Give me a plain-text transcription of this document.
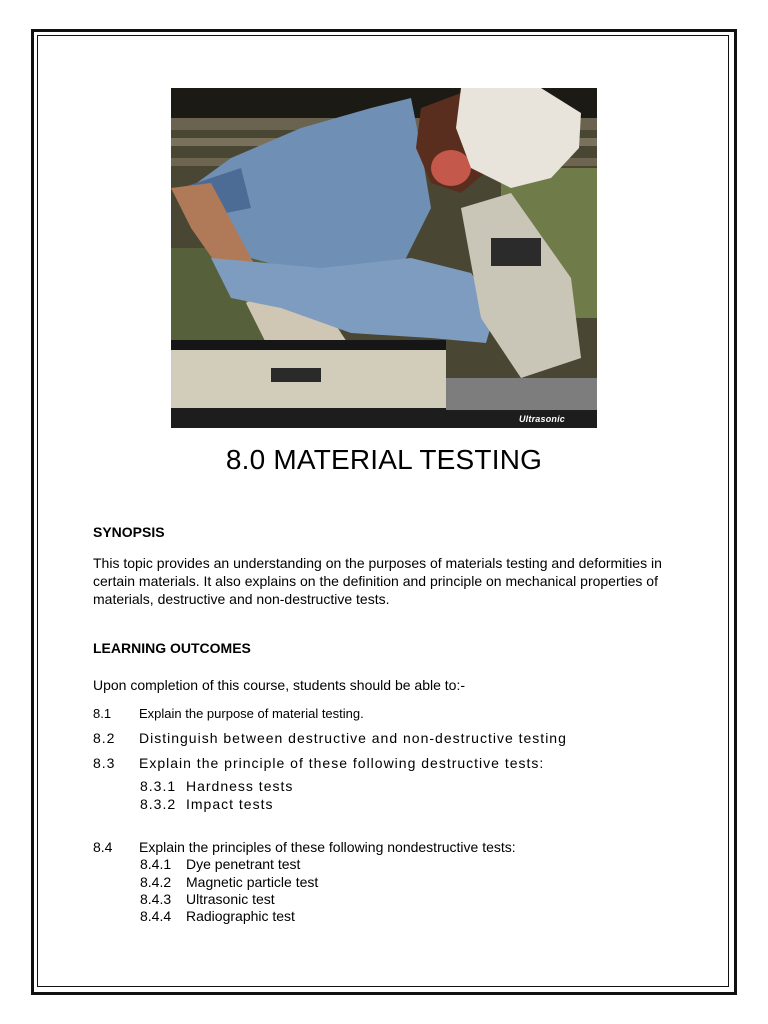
Ultrasonic
8.0 MATERIAL TESTING
SYNOPSIS
This topic provides an understanding on the purposes of materials testing and deformities in certain materials. It also explains on the definition and principle on mechanical properties of materials, destructive and non-destructive tests.
LEARNING OUTCOMES
Upon completion of this course, students should be able to:-
8.1 Explain the purpose of material testing.
8.2 Distinguish between destructive and non-destructive testing
8.3 Explain the principle of these following destructive tests:
8.3.1 Hardness tests
8.3.2 Impact tests
8.4 Explain the principles of these following nondestructive tests:
8.4.1 Dye penetrant test
8.4.2 Magnetic particle test
8.4.3 Ultrasonic test
8.4.4 Radiographic test
